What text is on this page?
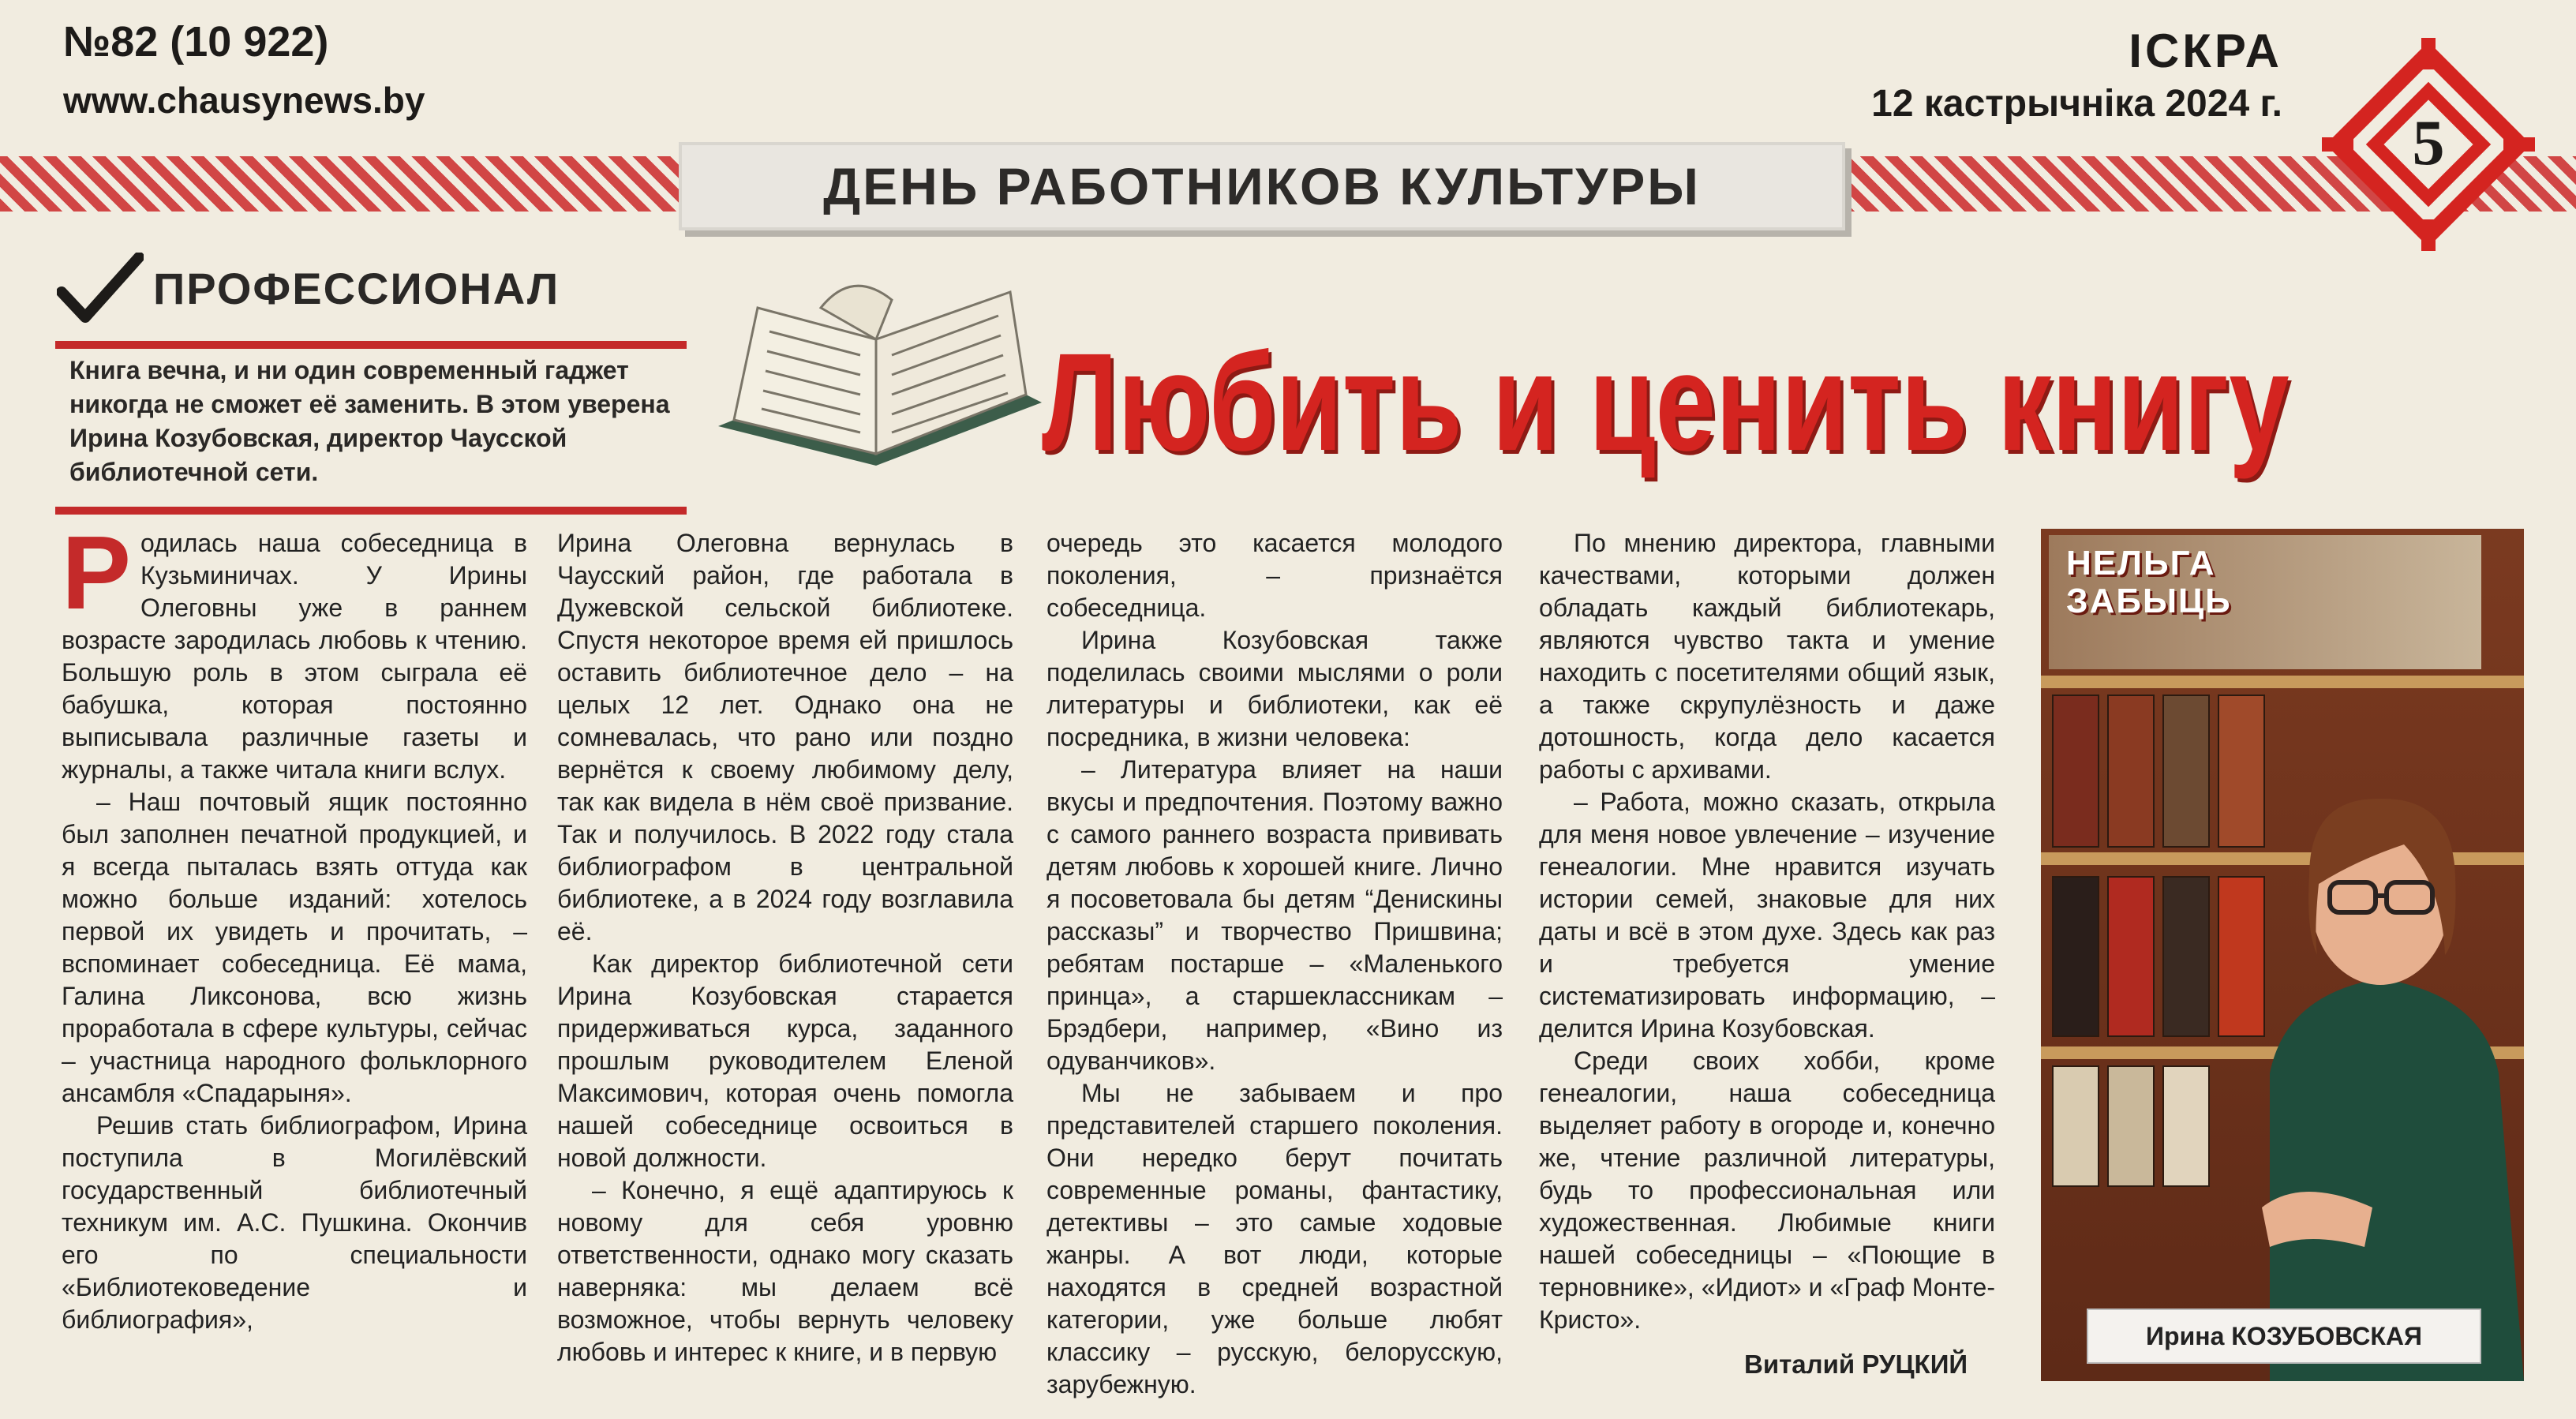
№82 (10 922)
www.chausynews.by
ІСКРА
12 кастрычніка 2024 г.
ДЕНЬ РАБОТНИКОВ КУЛЬТУРЫ
5
ПРОФЕССИОНАЛ
Книга вечна, и ни один современный гаджет никогда не сможет её заменить. В этом уверена Ирина Козубовская, директор Чаусской библиотечной сети.	Любить и ценить книгу

Родилась наша собеседница в Кузьминичах. У Ирины Олеговны уже в раннем возрасте зародилась любовь к чтению. Большую роль в этом сыграла её бабушка, которая постоянно выписывала различные газеты и журналы, а также читала книги вслух.

– Наш почтовый ящик постоянно был заполнен печатной продукцией, и я всегда пыталась взять оттуда как можно больше изданий: хотелось первой их увидеть и прочитать, – вспоминает собеседница. Её мама, Галина Ликсонова, всю жизнь проработала в сфере культуры, сейчас – участница народного фольклорного ансамбля «Спадарыня».

Решив стать библиографом, Ирина поступила в Могилёвский государственный библиотечный техникум им. А.С. Пушкина. Окончив его по специальности «Библиотековедение и библиография»,

Ирина Олеговна вернулась в Чаусский район, где работала в Дужевской сельской библиотеке. Спустя некоторое время ей пришлось оставить библиотечное дело – на целых 12 лет. Однако она не сомневалась, что рано или поздно вернётся к своему любимому делу, так как видела в нём своё призвание. Так и получилось. В 2022 году стала библиографом в центральной библиотеке, а в 2024 году возглавила её.

Как директор библиотечной сети Ирина Козубовская старается придерживаться курса, заданного прошлым руководителем Еленой Максимович, которая очень помогла нашей собеседнице освоиться в новой должности.

– Конечно, я ещё адаптируюсь к новому для себя уровню ответственности, однако могу сказать наверняка: мы делаем всё возможное, чтобы вернуть человеку любовь и интерес к книге, и в первую

очередь это касается молодого поколения, – признаётся собеседница.

Ирина Козубовская также поделилась своими мыслями о роли литературы и библиотеки, как её посредника, в жизни человека:

– Литература влияет на наши вкусы и предпочтения. Поэтому важно с самого раннего возраста прививать детям любовь к хорошей книге. Лично я посоветовала бы детям “Денискины рассказы” и творчество Пришвина; ребятам постарше – «Маленького принца», а старшеклассникам – Брэдбери, например, «Вино из одуванчиков».

Мы не забываем и про представителей старшего поколения. Они нередко берут почитать современные романы, фантастику, детективы – это самые ходовые жанры. А вот люди, которые находятся в средней возрастной категории, уже больше любят классику – русскую, белорусскую, зарубежную.

По мнению директора, главными качествами, которыми должен обладать каждый библиотекарь, являются чувство такта и умение находить с посетителями общий язык, а также скрупулёзность и даже дотошность, когда дело касается работы с архивами.

– Работа, можно сказать, открыла для меня новое увлечение – изучение генеалогии. Мне нравится изучать истории семей, знаковые для них даты и всё в этом духе. Здесь как раз и требуется умение систематизировать информацию, – делится Ирина Козубовская.

Среди своих хобби, кроме генеалогии, наша собеседница выделяет работу в огороде и, конечно же, чтение различной литературы, будь то профессиональная или художественная. Любимые книги нашей собеседницы – «Поющие в терновнике», «Идиот» и «Граф Монте-Кристо».

Виталий РУЦКИЙ
НЕЛЬГА ЗАБЫЦЬ
Ирина КОЗУБОВСКАЯ
